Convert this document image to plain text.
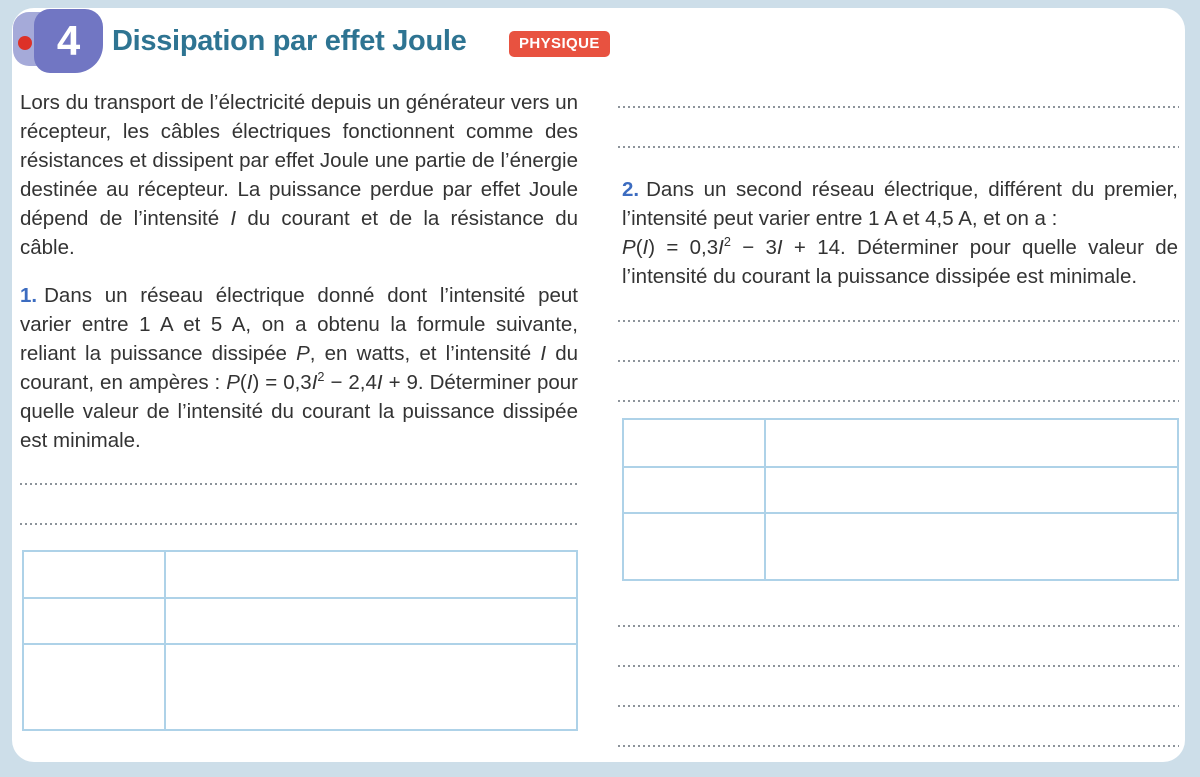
4 Dissipation par effet Joule	PHYSIQUE

Lors du transport de l’électricité depuis un générateur vers un récepteur, les câbles électriques fonctionnent comme des résistances et dissipent par effet Joule une partie de l’énergie destinée au récepteur. La puissance perdue par effet Joule dépend de l’intensité I du courant et de la résistance du câble.

1. Dans un réseau électrique donné dont l’intensité peut varier entre 1 A et 5 A, on a obtenu la formule suivante, reliant la puissance dissipée P, en watts, et l’intensité I du courant, en ampères : $P(I) = 0,3I^2 - 2,4I + 9$. Déterminer pour quelle valeur de l’intensité du courant la puissance dissipée est minimale.

2. Dans un second réseau électrique, différent du premier, l’intensité peut varier entre 1 A et 4,5 A, et on a :
$P(I) = 0,3I^2 - 3I + 14$. Déterminer pour quelle valeur de l’intensité du courant la puissance dissipée est minimale.
